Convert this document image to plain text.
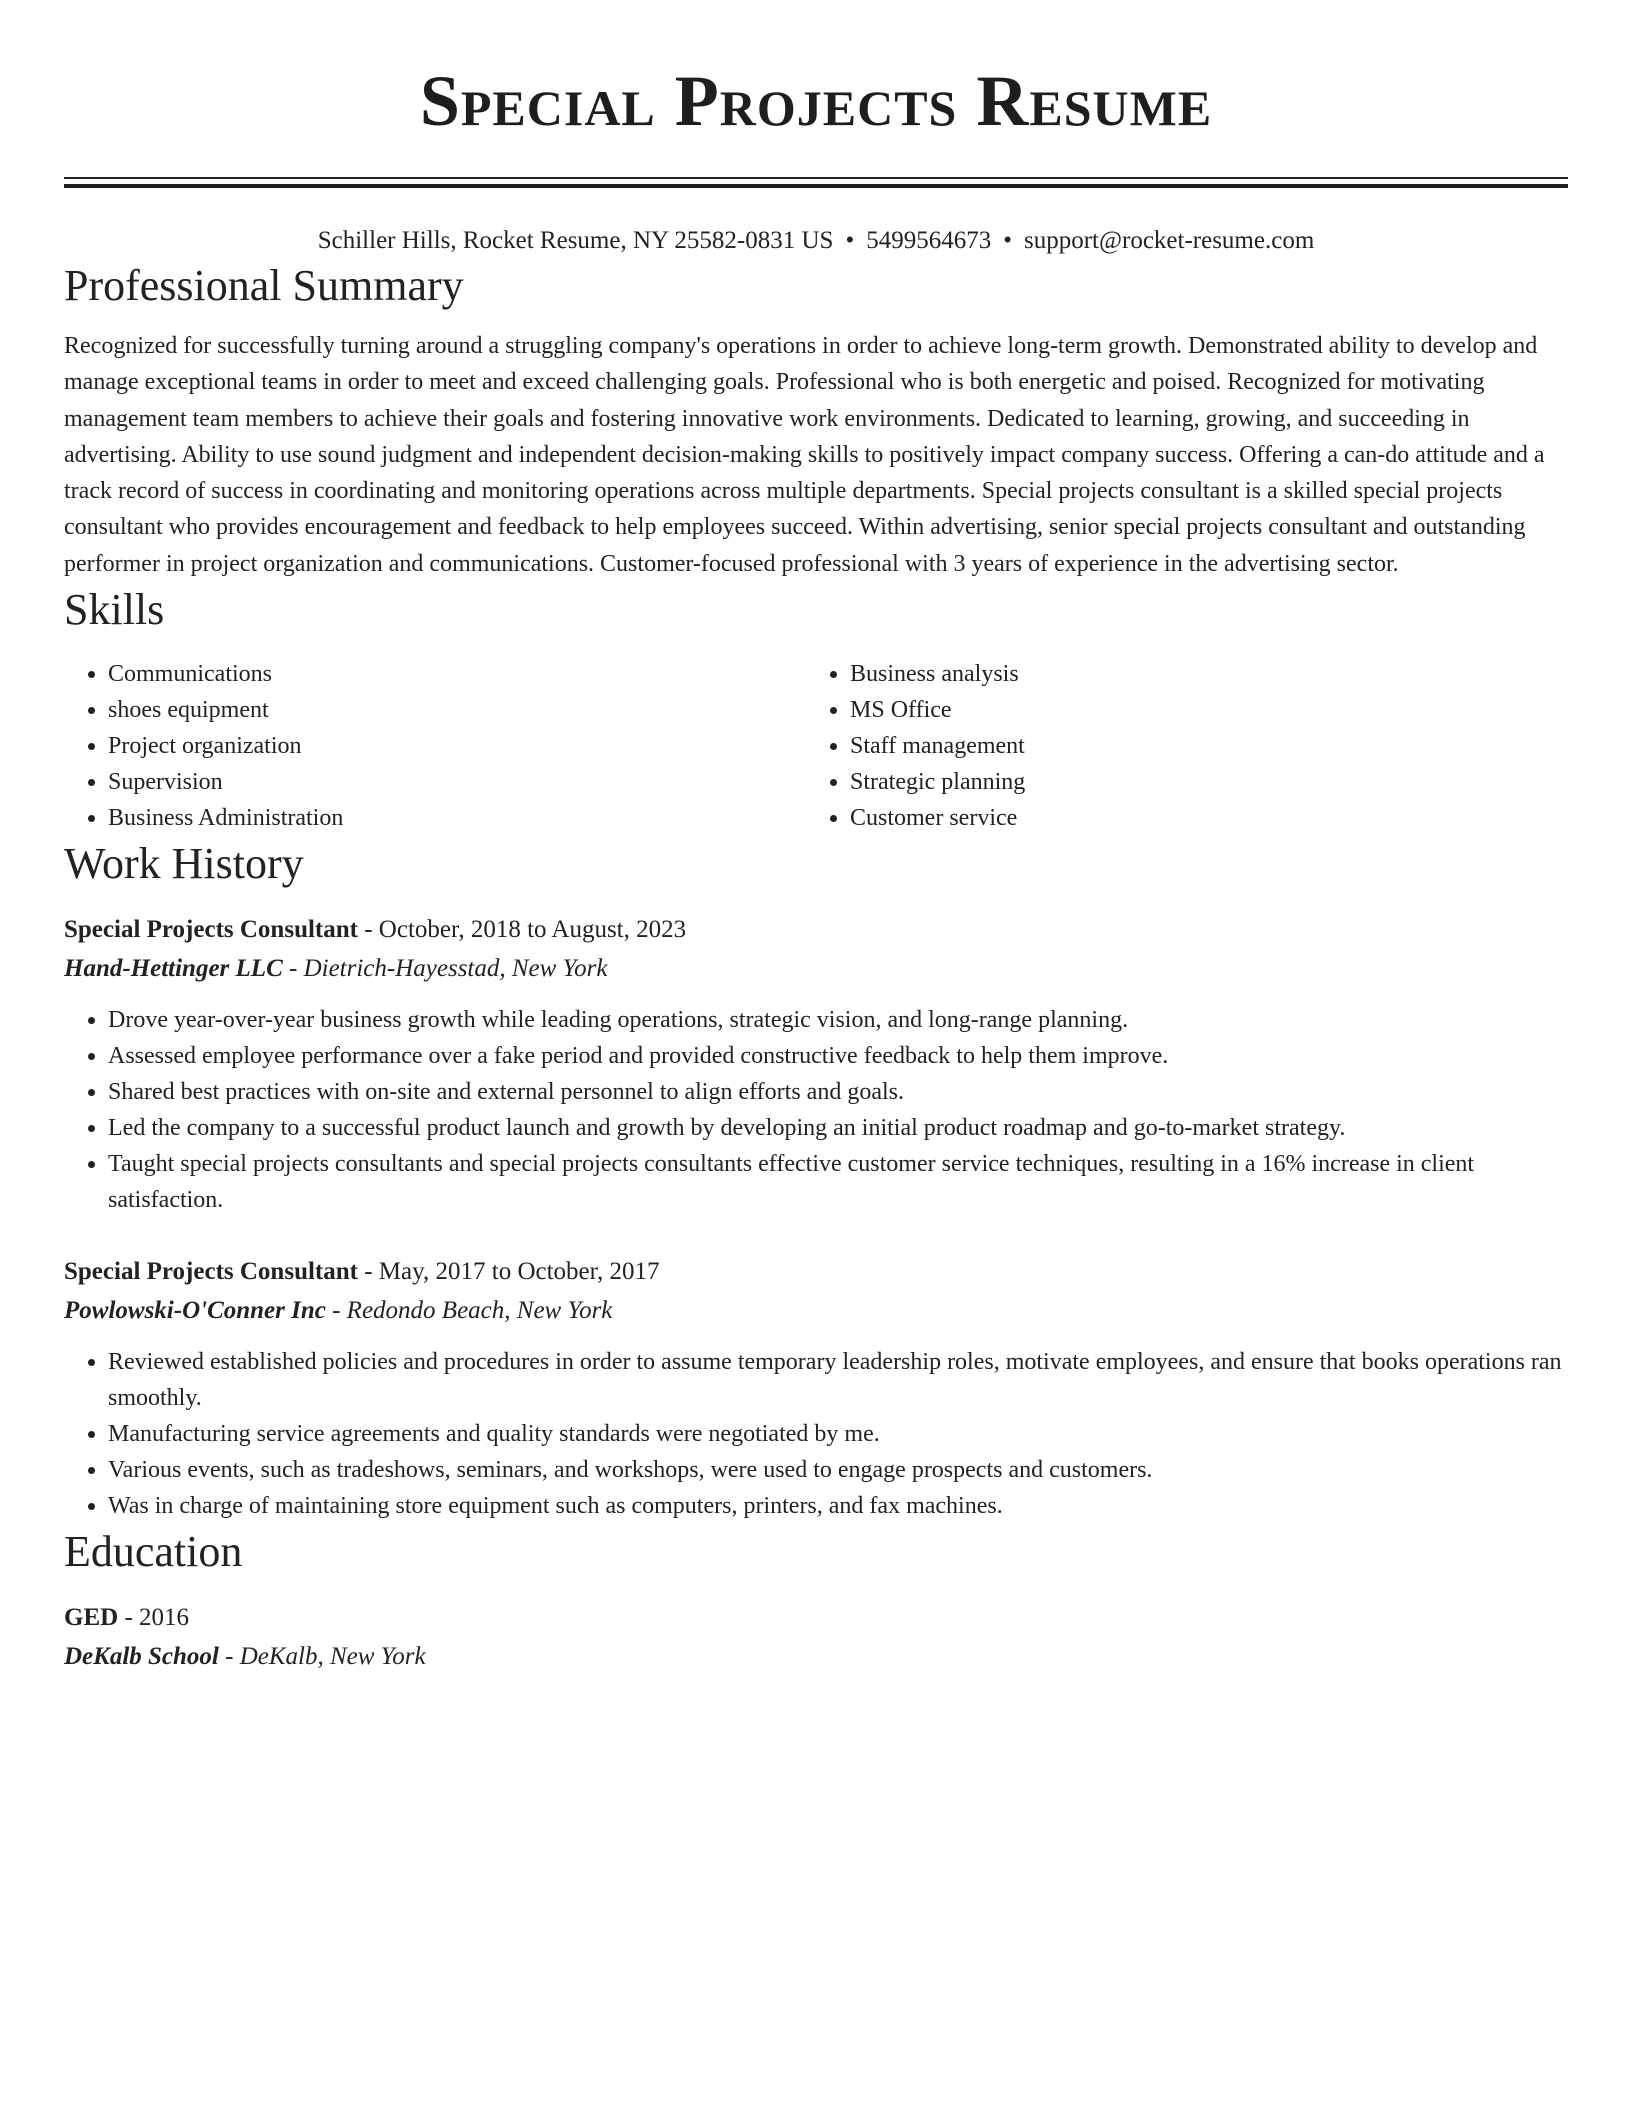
Special Projects Resume
Schiller Hills, Rocket Resume, NY 25582-0831 US • 5499564673 • support@rocket-resume.com
Professional Summary
Recognized for successfully turning around a struggling company's operations in order to achieve long-term growth. Demonstrated ability to develop and manage exceptional teams in order to meet and exceed challenging goals. Professional who is both energetic and poised. Recognized for motivating management team members to achieve their goals and fostering innovative work environments. Dedicated to learning, growing, and succeeding in advertising. Ability to use sound judgment and independent decision-making skills to positively impact company success. Offering a can-do attitude and a track record of success in coordinating and monitoring operations across multiple departments. Special projects consultant is a skilled special projects consultant who provides encouragement and feedback to help employees succeed. Within advertising, senior special projects consultant and outstanding performer in project organization and communications. Customer-focused professional with 3 years of experience in the advertising sector.
Skills
• Communications
• shoes equipment
• Project organization
• Supervision
• Business Administration
• Business analysis
• MS Office
• Staff management
• Strategic planning
• Customer service
Work History
Special Projects Consultant - October, 2018 to August, 2023
Hand-Hettinger LLC - Dietrich-Hayesstad, New York
• Drove year-over-year business growth while leading operations, strategic vision, and long-range planning.
• Assessed employee performance over a fake period and provided constructive feedback to help them improve.
• Shared best practices with on-site and external personnel to align efforts and goals.
• Led the company to a successful product launch and growth by developing an initial product roadmap and go-to-market strategy.
• Taught special projects consultants and special projects consultants effective customer service techniques, resulting in a 16% increase in client satisfaction.
Special Projects Consultant - May, 2017 to October, 2017
Powlowski-O'Conner Inc - Redondo Beach, New York
• Reviewed established policies and procedures in order to assume temporary leadership roles, motivate employees, and ensure that books operations ran smoothly.
• Manufacturing service agreements and quality standards were negotiated by me.
• Various events, such as tradeshows, seminars, and workshops, were used to engage prospects and customers.
• Was in charge of maintaining store equipment such as computers, printers, and fax machines.
Education
GED - 2016
DeKalb School - DeKalb, New York
